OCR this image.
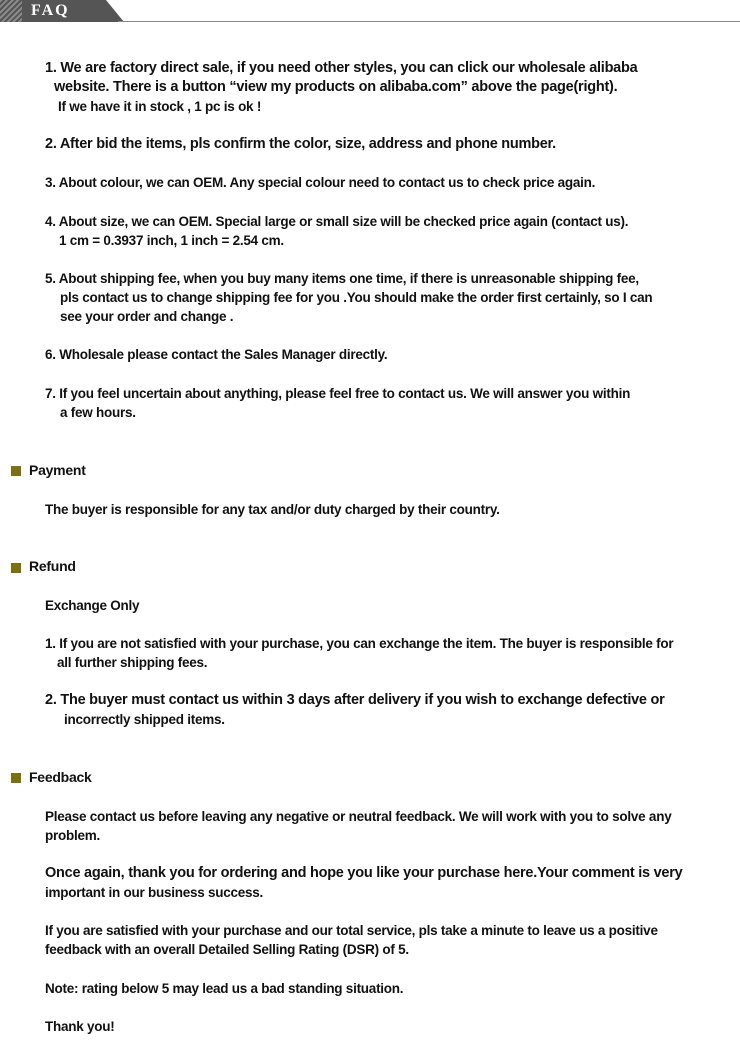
FAQ

1. We are factory direct sale, if you need other styles, you can click our wholesale alibaba

website. There is a button “view my products on alibaba.com” above the page(right).

If we have it in stock , 1 pc is ok !

2. After bid the items, pls confirm the color, size, address and phone number.

3. About colour, we can OEM. Any special colour need to contact us to check price again.

4. About size, we can OEM. Special large or small size will be checked price again (contact us).

1 cm = 0.3937 inch, 1 inch = 2.54 cm.

5. About shipping fee, when you buy many items one time, if there is unreasonable shipping fee,

pls contact us to change shipping fee for you .You should make the order first certainly, so I can

see your order and change .

6. Wholesale please contact the Sales Manager directly.

7. If you feel uncertain about anything, please feel free to contact us. We will answer you within

a few hours.

Payment

The buyer is responsible for any tax and/or duty charged by their country.

Refund

Exchange Only

1. If you are not satisfied with your purchase, you can exchange the item. The buyer is responsible for

all further shipping fees.

2. The buyer must contact us within 3 days after delivery if you wish to exchange defective or

incorrectly shipped items.

Feedback

Please contact us before leaving any negative or neutral feedback. We will work with you to solve any

problem.

Once again, thank you for ordering and hope you like your purchase here.Your comment is very

important in our business success.

If you are satisfied with your purchase and our total service, pls take a minute to leave us a positive

feedback with an overall Detailed Selling Rating (DSR) of 5.

Note: rating below 5 may lead us a bad standing situation.

Thank you!
